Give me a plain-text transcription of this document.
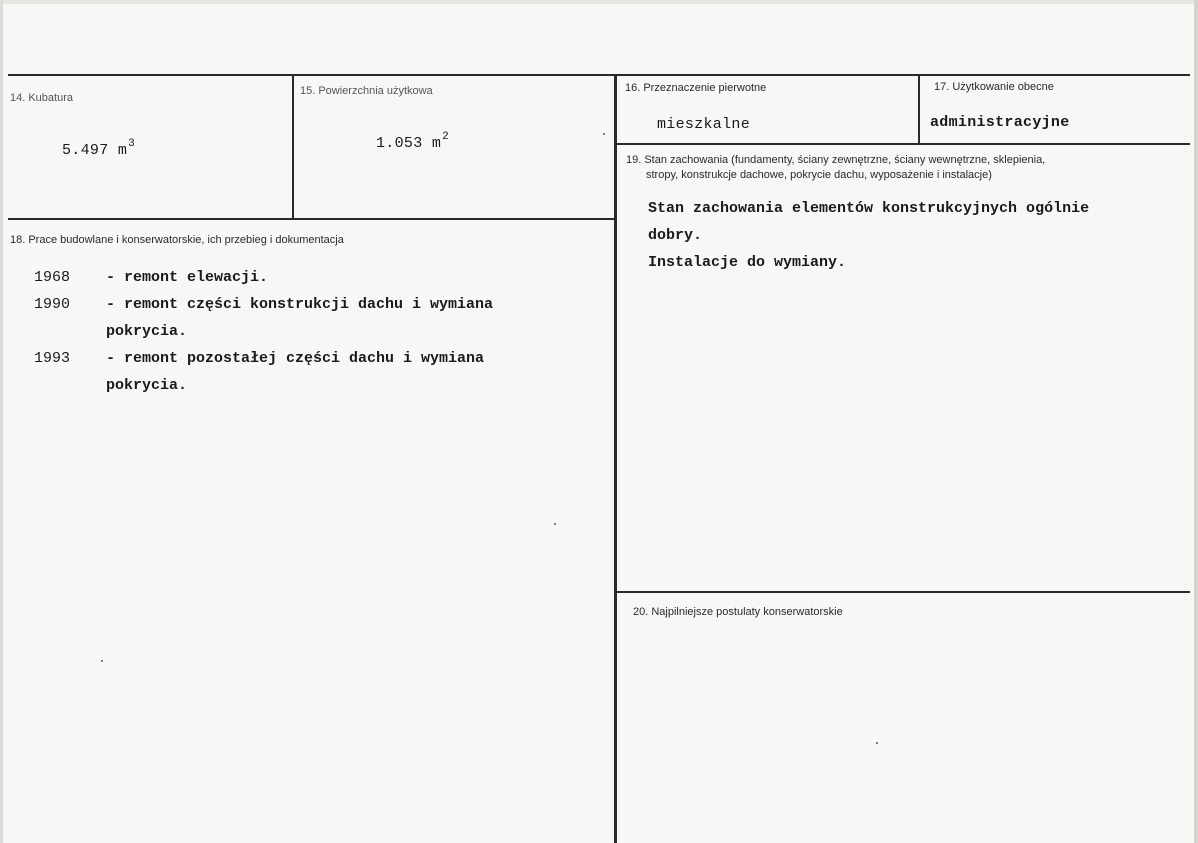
14. Kubatura
5.497 $m^3$
15. Powierzchnia użytkowa
1.053 $m^2$
16. Przeznaczenie pierwotne
mieszkalne
17. Użytkowanie obecne
administracyjne
18. Prace budowlane i konserwatorskie, ich przebieg i dokumentacja
1968	- remont elewacji.
1990	- remont części konstrukcji dachu i wymiana
pokrycia.
1993	- remont pozostałej części dachu i wymiana
pokrycia.
19. Stan zachowania (fundamenty, ściany zewnętrzne, ściany wewnętrzne, sklepienia,
stropy, konstrukcje dachowe, pokrycie dachu, wyposażenie i instalacje)
Stan zachowania elementów konstrukcyjnych ogólnie
dobry.
Instalacje do wymiany.
20. Najpilniejsze postulaty konserwatorskie
